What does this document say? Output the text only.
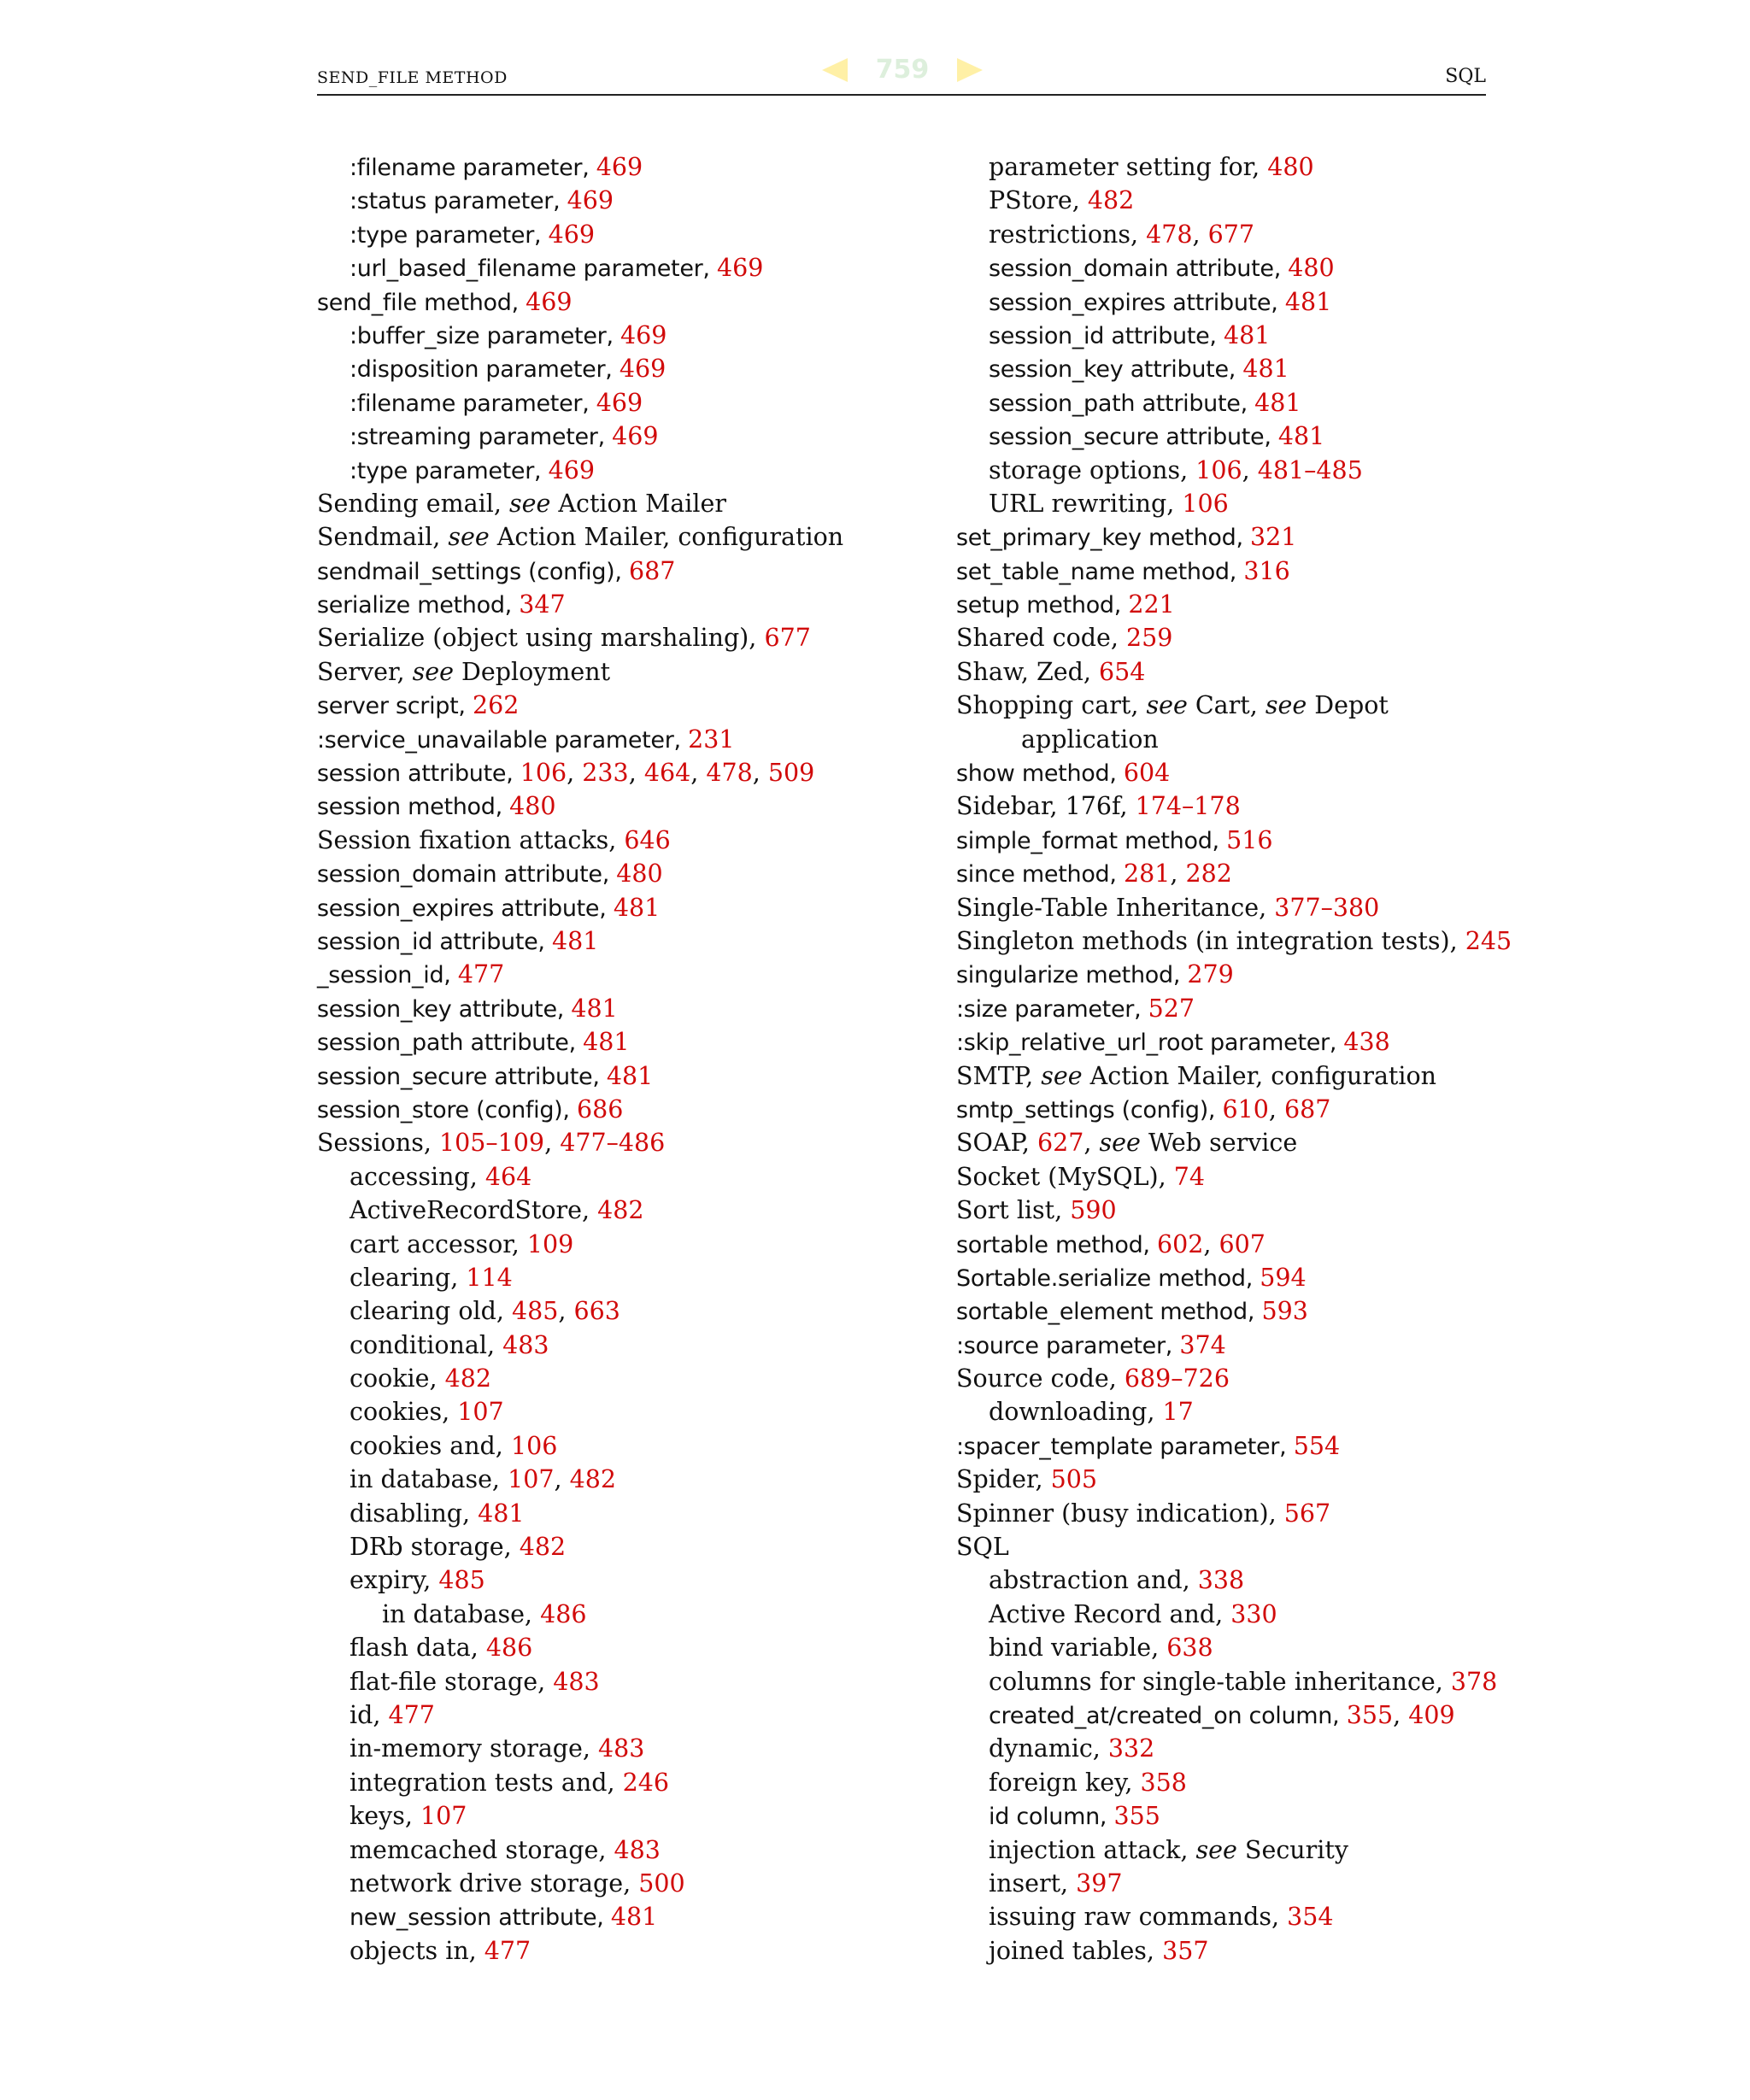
SEND_FILE METHOD	SQL
759
:filename parameter, 469
:status parameter, 469
:type parameter, 469
:url_based_filename parameter, 469
send_file method, 469
:buffer_size parameter, 469
:disposition parameter, 469
:filename parameter, 469
:streaming parameter, 469
:type parameter, 469
Sending email, see Action Mailer
Sendmail, see Action Mailer, configuration
sendmail_settings (config), 687
serialize method, 347
Serialize (object using marshaling), 677
Server, see Deployment
server script, 262
:service_unavailable parameter, 231
session attribute, 106, 233, 464, 478, 509
session method, 480
Session fixation attacks, 646
session_domain attribute, 480
session_expires attribute, 481
session_id attribute, 481
_session_id, 477
session_key attribute, 481
session_path attribute, 481
session_secure attribute, 481
session_store (config), 686
Sessions, 105–109, 477–486
accessing, 464
ActiveRecordStore, 482
cart accessor, 109
clearing, 114
clearing old, 485, 663
conditional, 483
cookie, 482
cookies, 107
cookies and, 106
in database, 107, 482
disabling, 481
DRb storage, 482
expiry, 485
in database, 486
flash data, 486
flat-file storage, 483
id, 477
in-memory storage, 483
integration tests and, 246
keys, 107
memcached storage, 483
network drive storage, 500
new_session attribute, 481
objects in, 477
parameter setting for, 480
PStore, 482
restrictions, 478, 677
session_domain attribute, 480
session_expires attribute, 481
session_id attribute, 481
session_key attribute, 481
session_path attribute, 481
session_secure attribute, 481
storage options, 106, 481–485
URL rewriting, 106
set_primary_key method, 321
set_table_name method, 316
setup method, 221
Shared code, 259
Shaw, Zed, 654
Shopping cart, see Cart, see Depot
application
show method, 604
Sidebar, 176f, 174–178
simple_format method, 516
since method, 281, 282
Single-Table Inheritance, 377–380
Singleton methods (in integration tests), 245
singularize method, 279
:size parameter, 527
:skip_relative_url_root parameter, 438
SMTP, see Action Mailer, configuration
smtp_settings (config), 610, 687
SOAP, 627, see Web service
Socket (MySQL), 74
Sort list, 590
sortable method, 602, 607
Sortable.serialize method, 594
sortable_element method, 593
:source parameter, 374
Source code, 689–726
downloading, 17
:spacer_template parameter, 554
Spider, 505
Spinner (busy indication), 567
SQL
abstraction and, 338
Active Record and, 330
bind variable, 638
columns for single-table inheritance, 378
created_at/created_on column, 355, 409
dynamic, 332
foreign key, 358
id column, 355
injection attack, see Security
insert, 397
issuing raw commands, 354
joined tables, 357
